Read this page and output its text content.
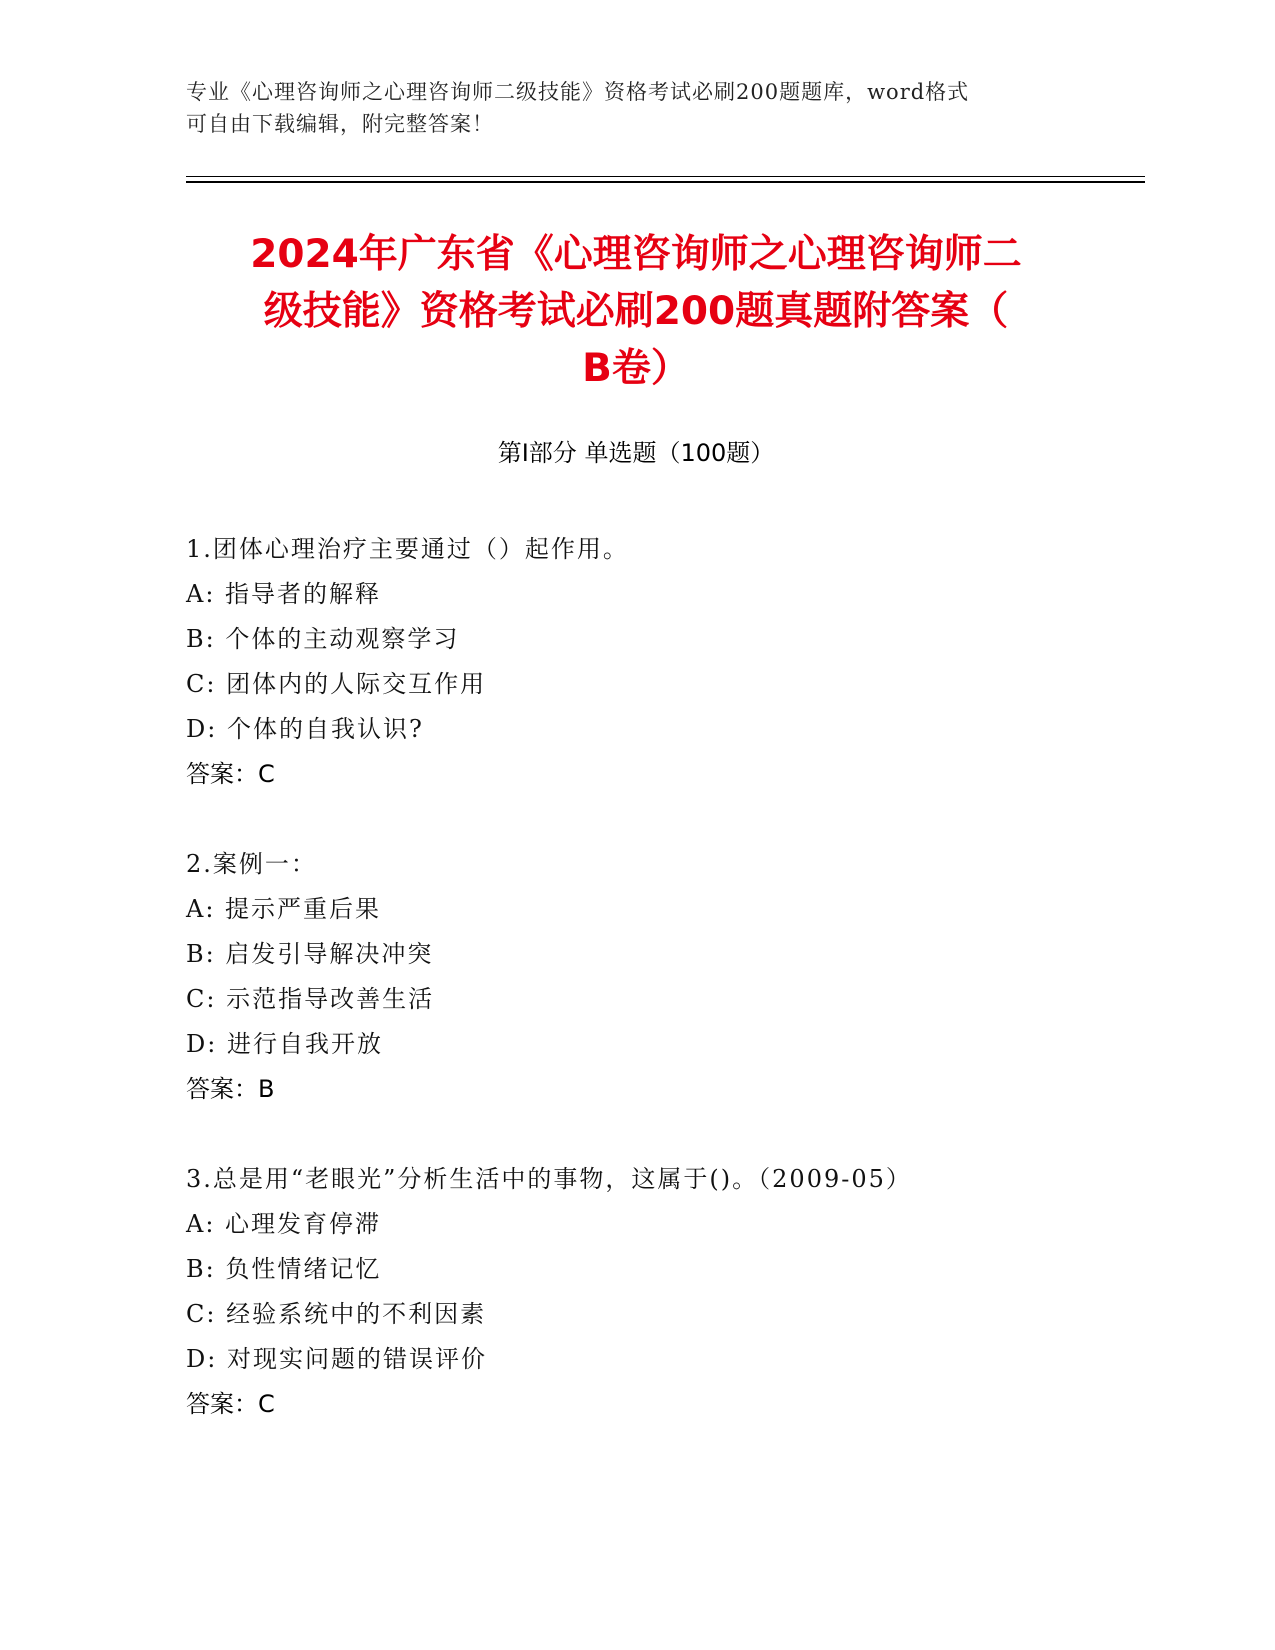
专业《心理咨询师之心理咨询师二级技能》资格考试必刷200题题库，word格式
可自由下载编辑，附完整答案！
2024年广东省《心理咨询师之心理咨询师二
级技能》资格考试必刷200题真题附答案（
B卷）
第Ⅰ部分 单选题（100题）
1.团体心理治疗主要通过（）起作用。
A: 指导者的解释
B: 个体的主动观察学习
C: 团体内的人际交互作用
D: 个体的自我认识?
答案：C
2.案例一：
A: 提示严重后果
B: 启发引导解决冲突
C: 示范指导改善生活
D: 进行自我开放
答案：B
3.总是用“老眼光”分析生活中的事物，这属于()。（2009-05）
A: 心理发育停滞
B: 负性情绪记忆
C: 经验系统中的不利因素
D: 对现实问题的错误评价
答案：C
